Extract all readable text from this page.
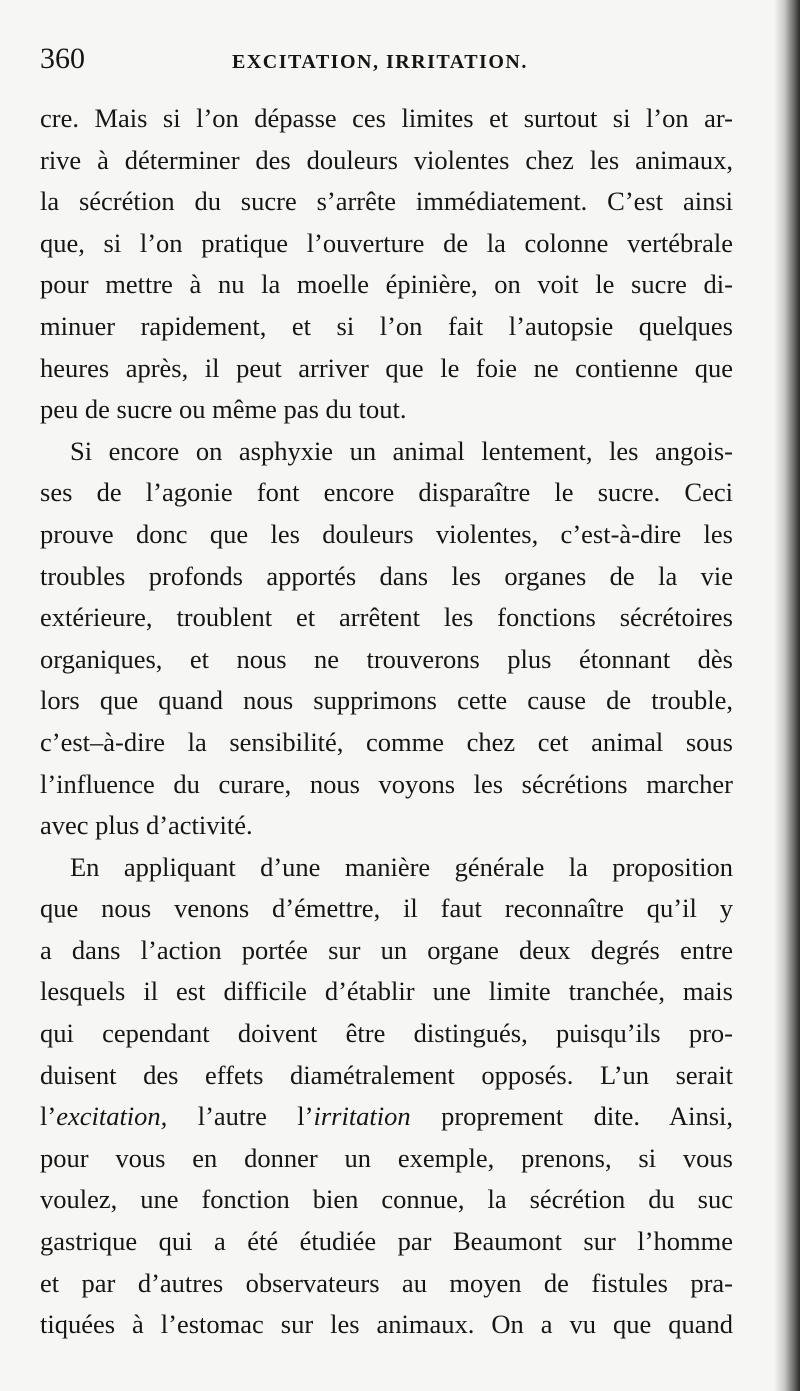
360	EXCITATION, IRRITATION.
cre. Mais si l’on dépasse ces limites et surtout si l’on ar-
rive à déterminer des douleurs violentes chez les animaux,
la sécrétion du sucre s’arrête immédiatement. C’est ainsi
que, si l’on pratique l’ouverture de la colonne vertébrale
pour mettre à nu la moelle épinière, on voit le sucre di-
minuer rapidement, et si l’on fait l’autopsie quelques
heures après, il peut arriver que le foie ne contienne que
peu de sucre ou même pas du tout.
Si encore on asphyxie un animal lentement, les angois-
ses de l’agonie font encore disparaître le sucre. Ceci
prouve donc que les douleurs violentes, c’est-à-dire les
troubles profonds apportés dans les organes de la vie
extérieure, troublent et arrêtent les fonctions sécrétoires
organiques, et nous ne trouverons plus étonnant dès
lors que quand nous supprimons cette cause de trouble,
c’est–à-dire la sensibilité, comme chez cet animal sous
l’influence du curare, nous voyons les sécrétions marcher
avec plus d’activité.
En appliquant d’une manière générale la proposition
que nous venons d’émettre, il faut reconnaître qu’il y
a dans l’action portée sur un organe deux degrés entre
lesquels il est difficile d’établir une limite tranchée, mais
qui cependant doivent être distingués, puisqu’ils pro-
duisent des effets diamétralement opposés. L’un serait
l’excitation, l’autre l’irritation proprement dite. Ainsi,
pour vous en donner un exemple, prenons, si vous
voulez, une fonction bien connue, la sécrétion du suc
gastrique qui a été étudiée par Beaumont sur l’homme
et par d’autres observateurs au moyen de fistules pra-
tiquées à l’estomac sur les animaux. On a vu que quand
